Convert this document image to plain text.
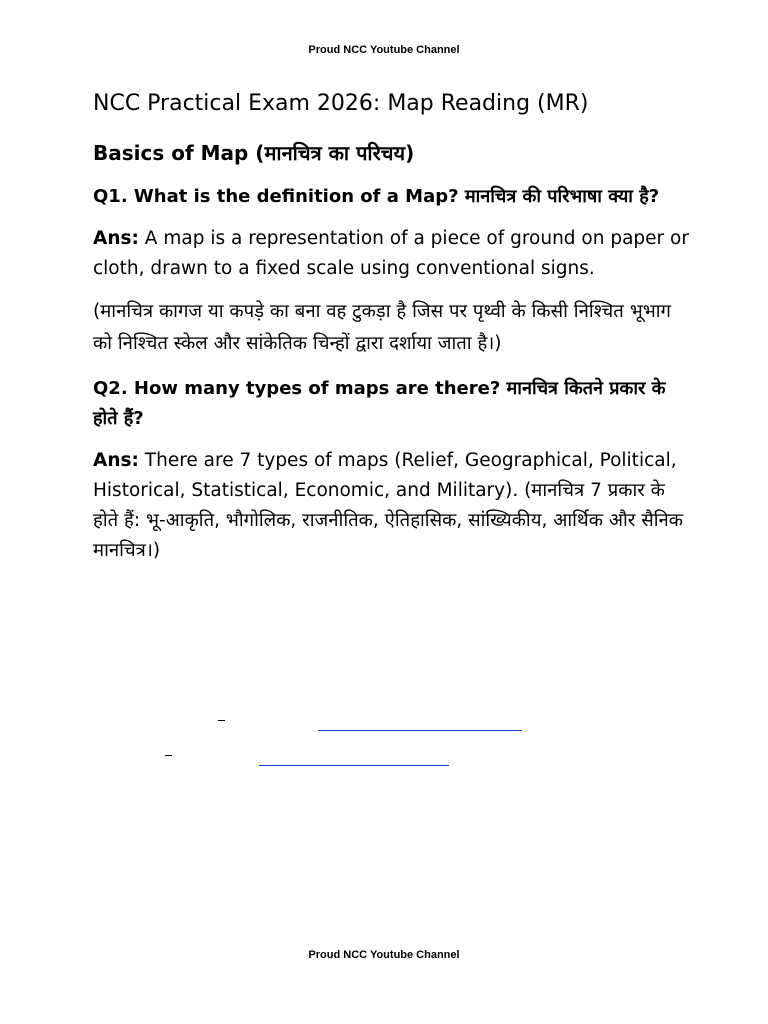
Proud NCC Youtube Channel
NCC Practical Exam 2026: Map Reading (MR)
Basics of Map (मानचित्र का परिचय)
Q1. What is the definition of a Map? मानचित्र की परिभाषा क्या है?
Ans: A map is a representation of a piece of ground on paper or cloth, drawn to a fixed scale using conventional signs.
(मानचित्र कागज या कपड़े का बना वह टुकड़ा है जिस पर पृथ्वी के किसी निश्चित भूभाग को निश्चित स्केल और सांकेतिक चिन्हों द्वारा दर्शाया जाता है।)
Q2. How many types of maps are there? मानचित्र कितने प्रकार के होते हैं?
Ans: There are 7 types of maps (Relief, Geographical, Political, Historical, Statistical, Economic, and Military). (मानचित्र 7 प्रकार के होते हैं: भू-आकृति, भौगोलिक, राजनीतिक, ऐतिहासिक, सांख्यिकीय, आर्थिक और सैनिक मानचित्र।)
Proud NCC Youtube Channel
